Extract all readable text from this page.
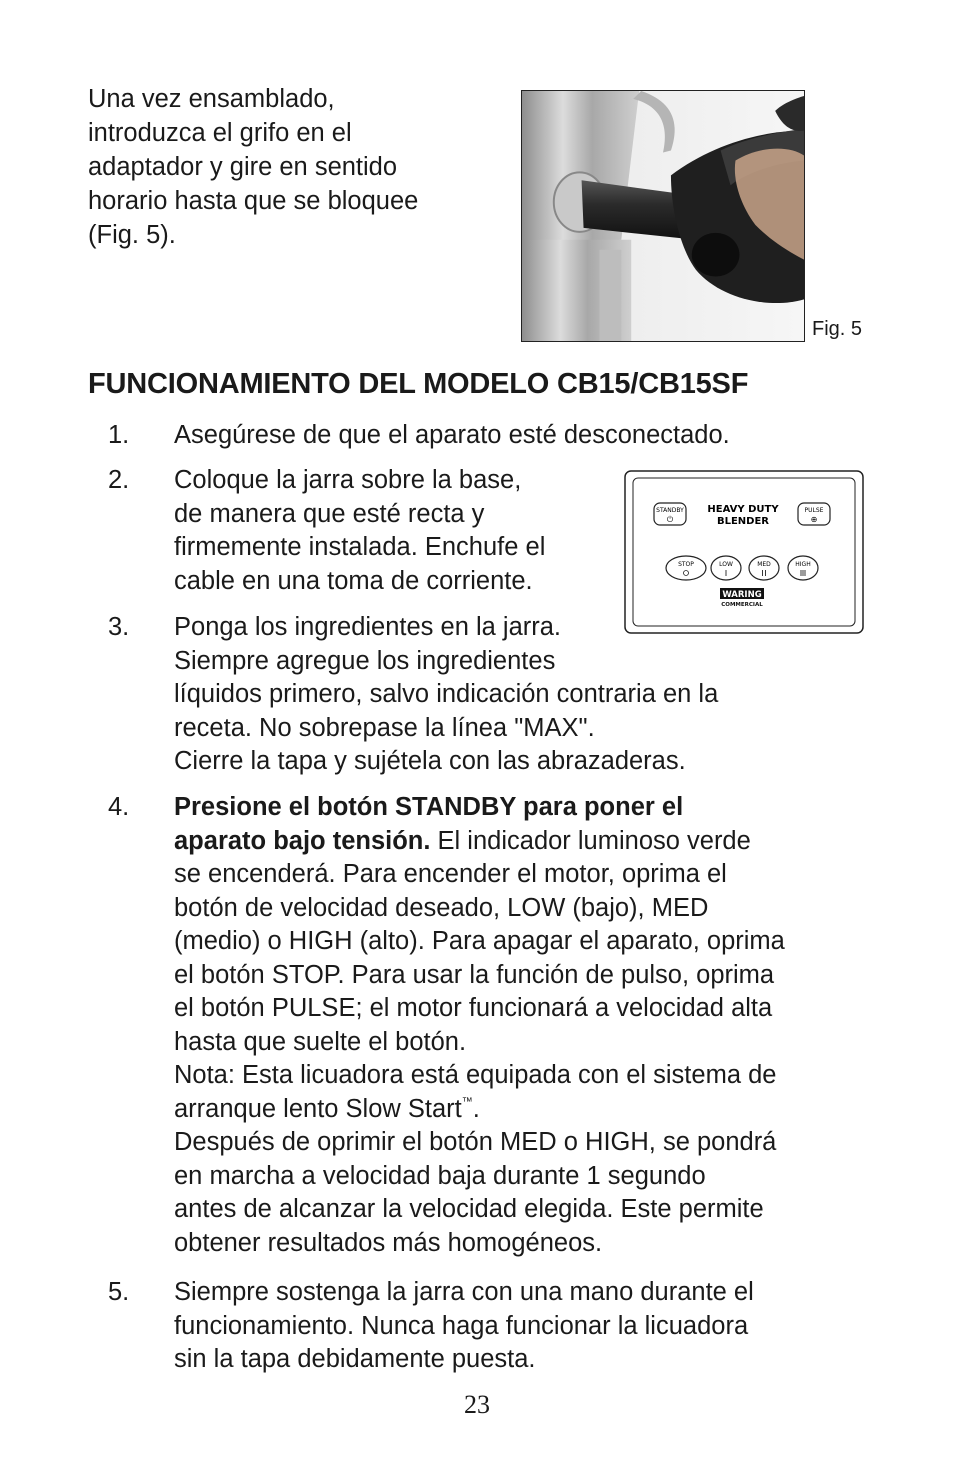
Una vez ensamblado,
introduzca el grifo en el
adaptador y gire en sentido
horario hasta que se bloquee
(Fig. 5).
Fig. 5
FUNCIONAMIENTO DEL MODELO CB15/CB15SF
1. Asegúrese de que el aparato esté desconectado.
2. Coloque la jarra sobre la base,
de manera que esté recta y
firmemente instalada. Enchufe el
cable en una toma de corriente.
STANDBY
⏻
HEAVY DUTY
BLENDER
PULSE
⊕
STOP	LOW	MED	HIGH
WARING
COMMERCIAL
3. Ponga los ingredientes en la jarra.
Siempre agregue los ingredientes
líquidos primero, salvo indicación contraria en la
receta. No sobrepase la línea "MAX".
Cierre la tapa y sujétela con las abrazaderas.
4. Presione el botón STANDBY para poner el
aparato bajo tensión. El indicador luminoso verde
se encenderá. Para encender el motor, oprima el
botón de velocidad deseado, LOW (bajo), MED
(medio) o HIGH (alto). Para apagar el aparato, oprima
el botón STOP. Para usar la función de pulso, oprima
el botón PULSE; el motor funcionará a velocidad alta
hasta que suelte el botón.
Nota: Esta licuadora está equipada con el sistema de
arranque lento Slow Start™.
Después de oprimir el botón MED o HIGH, se pondrá
en marcha a velocidad baja durante 1 segundo
antes de alcanzar la velocidad elegida. Este permite
obtener resultados más homogéneos.
5. Siempre sostenga la jarra con una mano durante el
funcionamiento. Nunca haga funcionar la licuadora
sin la tapa debidamente puesta.
23
